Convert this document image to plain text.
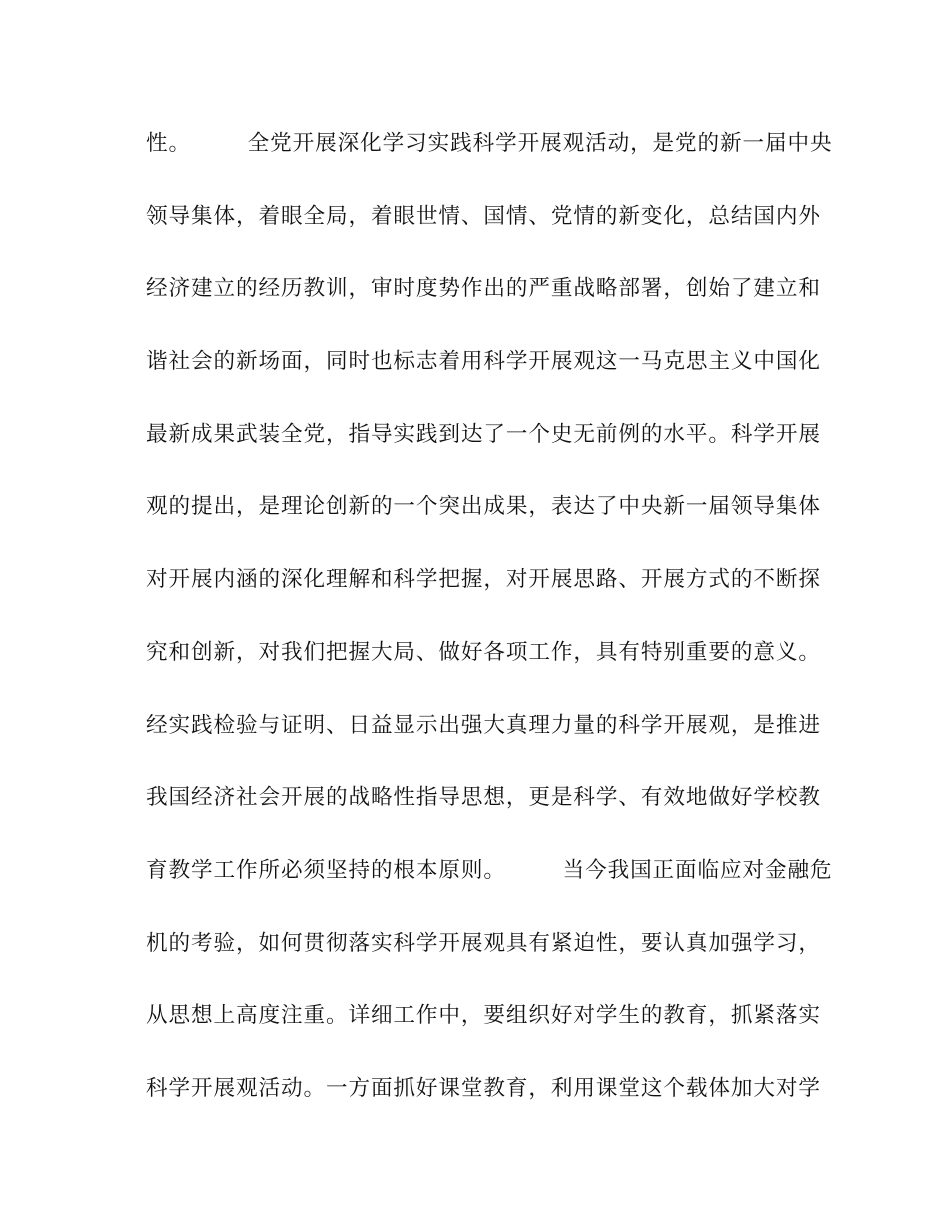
性。　　　全党开展深化学习实践科学开展观活动，是党的新一届中央
领导集体，着眼全局，着眼世情、国情、党情的新变化，总结国内外
经济建立的经历教训，审时度势作出的严重战略部署，创始了建立和
谐社会的新场面，同时也标志着用科学开展观这一马克思主义中国化
最新成果武装全党，指导实践到达了一个史无前例的水平。科学开展
观的提出，是理论创新的一个突出成果，表达了中央新一届领导集体
对开展内涵的深化理解和科学把握，对开展思路、开展方式的不断探
究和创新，对我们把握大局、做好各项工作，具有特别重要的意义。
经实践检验与证明、日益显示出强大真理力量的科学开展观，是推进
我国经济社会开展的战略性指导思想，更是科学、有效地做好学校教
育教学工作所必须坚持的根本原则。　　　当今我国正面临应对金融危
机的考验，如何贯彻落实科学开展观具有紧迫性，要认真加强学习，
从思想上高度注重。详细工作中，要组织好对学生的教育，抓紧落实
科学开展观活动。一方面抓好课堂教育，利用课堂这个载体加大对学
